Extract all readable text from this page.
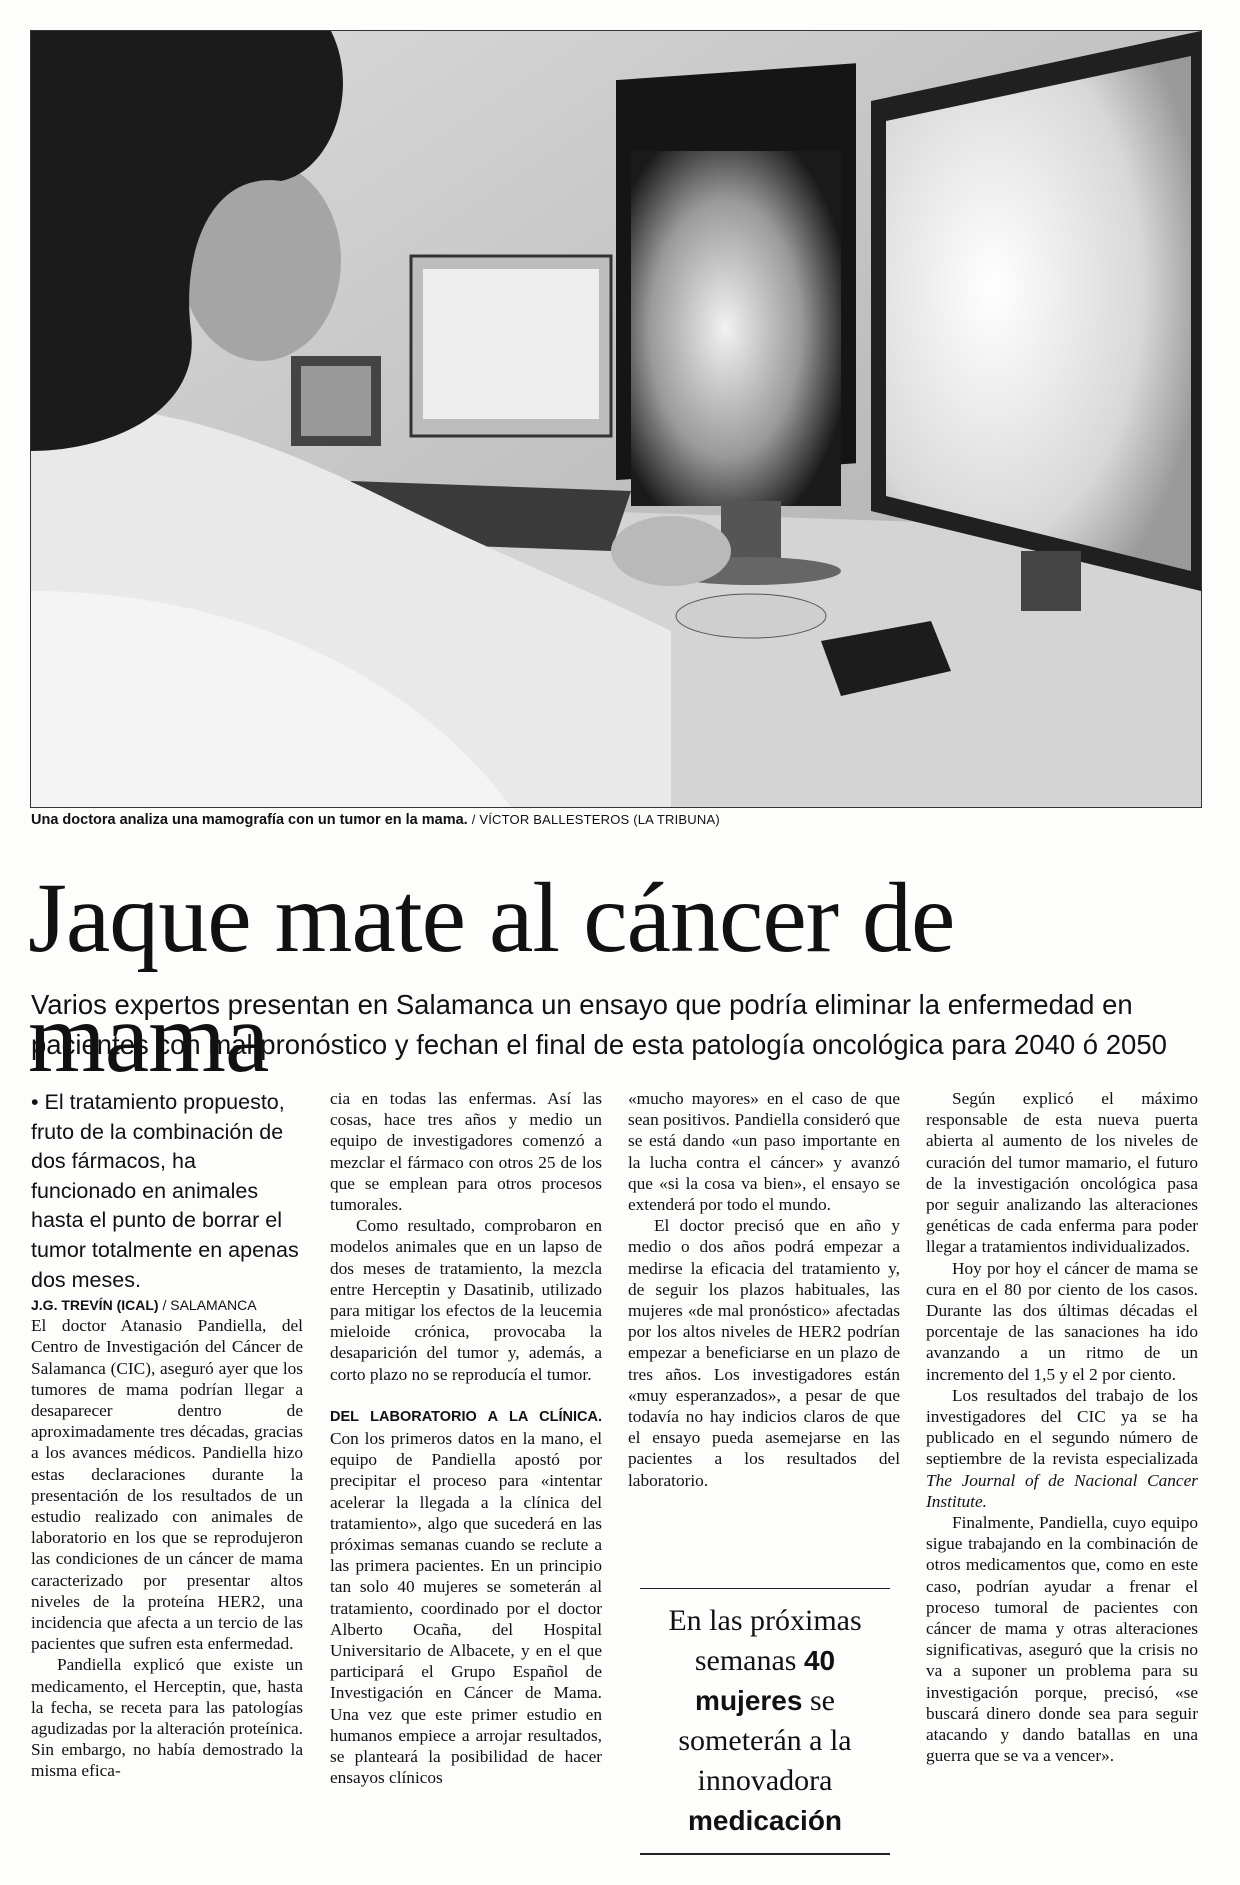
Una doctora analiza una mamografía con un tumor en la mama. / VÍCTOR BALLESTEROS (LA TRIBUNA)
Jaque mate al cáncer de mama

Varios expertos presentan en Salamanca un ensayo que podría eliminar la enfermedad en pacientes con mal pronóstico y fechan el final de esta patología oncológica para 2040 ó 2050

• El tratamiento propuesto, fruto de la combinación de dos fármacos, ha funcionado en animales hasta el punto de borrar el tumor totalmente en apenas dos meses.

J.G. TREVÍN (ICAL) / SALAMANCA

El doctor Atanasio Pandiella, del Centro de Investigación del Cáncer de Salamanca (CIC), aseguró ayer que los tumores de mama podrían llegar a desaparecer dentro de aproximadamente tres décadas, gracias a los avances médicos. Pandiella hizo estas declaraciones durante la presentación de los resultados de un estudio realizado con animales de laboratorio en los que se reprodujeron las condiciones de un cáncer de mama caracterizado por presentar altos niveles de la proteína HER2, una incidencia que afecta a un tercio de las pacientes que sufren esta enfermedad.

Pandiella explicó que existe un medicamento, el Herceptin, que, hasta la fecha, se receta para las patologías agudizadas por la alteración proteínica. Sin embargo, no había demostrado la misma efica-

cia en todas las enfermas. Así las cosas, hace tres años y medio un equipo de investigadores comenzó a mezclar el fármaco con otros 25 de los que se emplean para otros procesos tumorales.

Como resultado, comprobaron en modelos animales que en un lapso de dos meses de tratamiento, la mezcla entre Herceptin y Dasatinib, utilizado para mitigar los efectos de la leucemia mieloide crónica, provocaba la desaparición del tumor y, además, a corto plazo no se reproducía el tumor.

DEL LABORATORIO A LA CLÍNICA. Con los primeros datos en la mano, el equipo de Pandiella apostó por precipitar el proceso para «intentar acelerar la llegada a la clínica del tratamiento», algo que sucederá en las próximas semanas cuando se reclute a las primera pacientes. En un principio tan solo 40 mujeres se someterán al tratamiento, coordinado por el doctor Alberto Ocaña, del Hospital Universitario de Albacete, y en el que participará el Grupo Español de Investigación en Cáncer de Mama. Una vez que este primer estudio en humanos empiece a arrojar resultados, se planteará la posibilidad de hacer ensayos clínicos

«mucho mayores» en el caso de que sean positivos. Pandiella consideró que se está dando «un paso importante en la lucha contra el cáncer» y avanzó que «si la cosa va bien», el ensayo se extenderá por todo el mundo.

El doctor precisó que en año y medio o dos años podrá empezar a medirse la eficacia del tratamiento y, de seguir los plazos habituales, las mujeres «de mal pronóstico» afectadas por los altos niveles de HER2 podrían empezar a beneficiarse en un plazo de tres años. Los investigadores están «muy esperanzados», a pesar de que todavía no hay indicios claros de que el ensayo pueda asemejarse en las pacientes a los resultados del laboratorio.

En las próximas semanas 40 mujeres se someterán a la innovadora medicación

Según explicó el máximo responsable de esta nueva puerta abierta al aumento de los niveles de curación del tumor mamario, el futuro de la investigación oncológica pasa por seguir analizando las alteraciones genéticas de cada enferma para poder llegar a tratamientos individualizados.

Hoy por hoy el cáncer de mama se cura en el 80 por ciento de los casos. Durante las dos últimas décadas el porcentaje de las sanaciones ha ido avanzando a un ritmo de un incremento del 1,5 y el 2 por ciento.

Los resultados del trabajo de los investigadores del CIC ya se ha publicado en el segundo número de septiembre de la revista especializada The Journal of de Nacional Cancer Institute.

Finalmente, Pandiella, cuyo equipo sigue trabajando en la combinación de otros medicamentos que, como en este caso, podrían ayudar a frenar el proceso tumoral de pacientes con cáncer de mama y otras alteraciones significativas, aseguró que la crisis no va a suponer un problema para su investigación porque, precisó, «se buscará dinero donde sea para seguir atacando y dando batallas en una guerra que se va a vencer».
